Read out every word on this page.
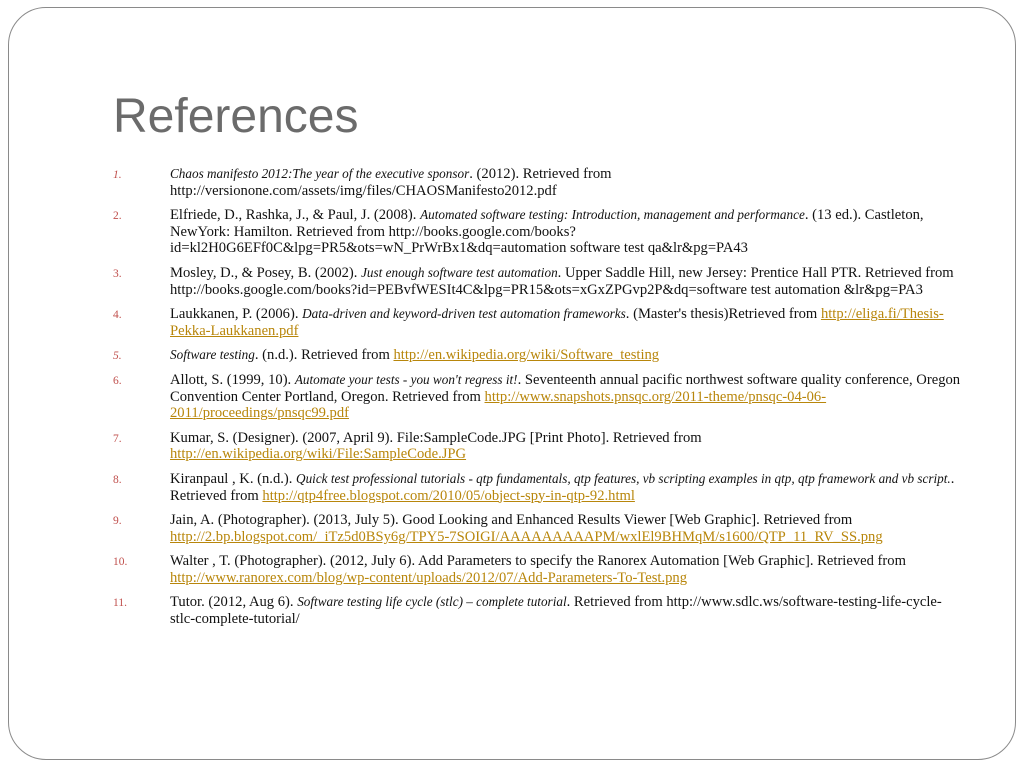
References
1.	Chaos manifesto 2012:The year of the executive sponsor. (2012). Retrieved from http://versionone.com/assets/img/files/CHAOSManifesto2012.pdf
2.	Elfriede, D., Rashka, J., & Paul, J. (2008). Automated software testing: Introduction, management and performance. (13 ed.). Castleton, NewYork: Hamilton. Retrieved from http://books.google.com/books?id=kl2H0G6EFf0C&lpg=PR5&ots=wN_PrWrBx1&dq=automation software test qa&lr&pg=PA43
3.	Mosley, D., & Posey, B. (2002). Just enough software test automation. Upper Saddle Hill, new Jersey: Prentice Hall PTR. Retrieved from http://books.google.com/books?id=PEBvfWESIt4C&lpg=PR15&ots=xGxZPGvp2P&dq=software test automation &lr&pg=PA3
4.	Laukkanen, P. (2006). Data-driven and keyword-driven test automation frameworks. (Master's thesis)Retrieved from http://eliga.fi/Thesis-Pekka-Laukkanen.pdf
5.	Software testing. (n.d.). Retrieved from http://en.wikipedia.org/wiki/Software_testing
6.	Allott, S. (1999, 10). Automate your tests - you won't regress it!. Seventeenth annual pacific northwest software quality conference, Oregon Convention Center Portland, Oregon. Retrieved from http://www.snapshots.pnsqc.org/2011-theme/pnsqc-04-06-2011/proceedings/pnsqc99.pdf
7.	Kumar, S. (Designer). (2007, April 9). File:SampleCode.JPG [Print Photo]. Retrieved from http://en.wikipedia.org/wiki/File:SampleCode.JPG
8.	Kiranpaul , K. (n.d.). Quick test professional tutorials - qtp fundamentals, qtp features, vb scripting examples in qtp, qtp framework and vb script.. Retrieved from http://qtp4free.blogspot.com/2010/05/object-spy-in-qtp-92.html
9.	Jain, A. (Photographer). (2013, July 5). Good Looking and Enhanced Results Viewer [Web Graphic]. Retrieved from http://2.bp.blogspot.com/_iTz5d0BSy6g/TPY5-7SOIGI/AAAAAAAAAPM/wxlEl9BHMqM/s1600/QTP_11_RV_SS.png
10.	Walter , T. (Photographer). (2012, July 6). Add Parameters to specify the Ranorex Automation [Web Graphic]. Retrieved from http://www.ranorex.com/blog/wp-content/uploads/2012/07/Add-Parameters-To-Test.png
11.	Tutor. (2012, Aug 6). Software testing life cycle (stlc) – complete tutorial. Retrieved from http://www.sdlc.ws/software-testing-life-cycle-stlc-complete-tutorial/
